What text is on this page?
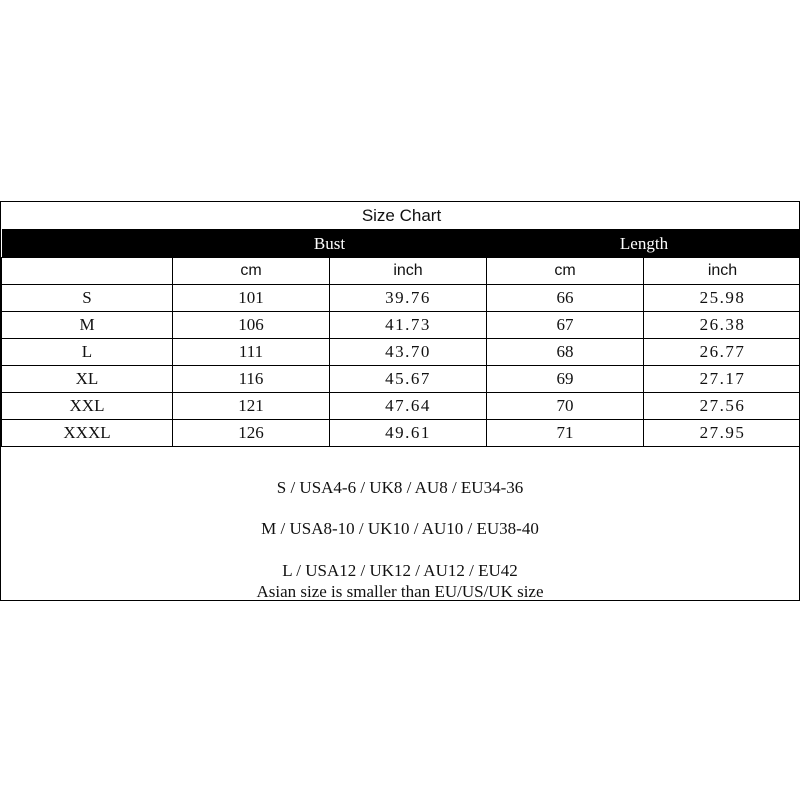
Size Chart				
	Bust		Length	
	cm	inch	cm	inch
S	101	39.76	66	25.98
M	106	41.73	67	26.38
L	111	43.70	68	26.77
XL	116	45.67	69	27.17
XXL	121	47.64	70	27.56
XXXL	126	49.61	71	27.95
S / USA4-6 / UK8 / AU8 / EU34-36
M / USA8-10 / UK10 / AU10 / EU38-40
L / USA12 / UK12 / AU12 / EU42
Asian size is smaller than EU/US/UK size
